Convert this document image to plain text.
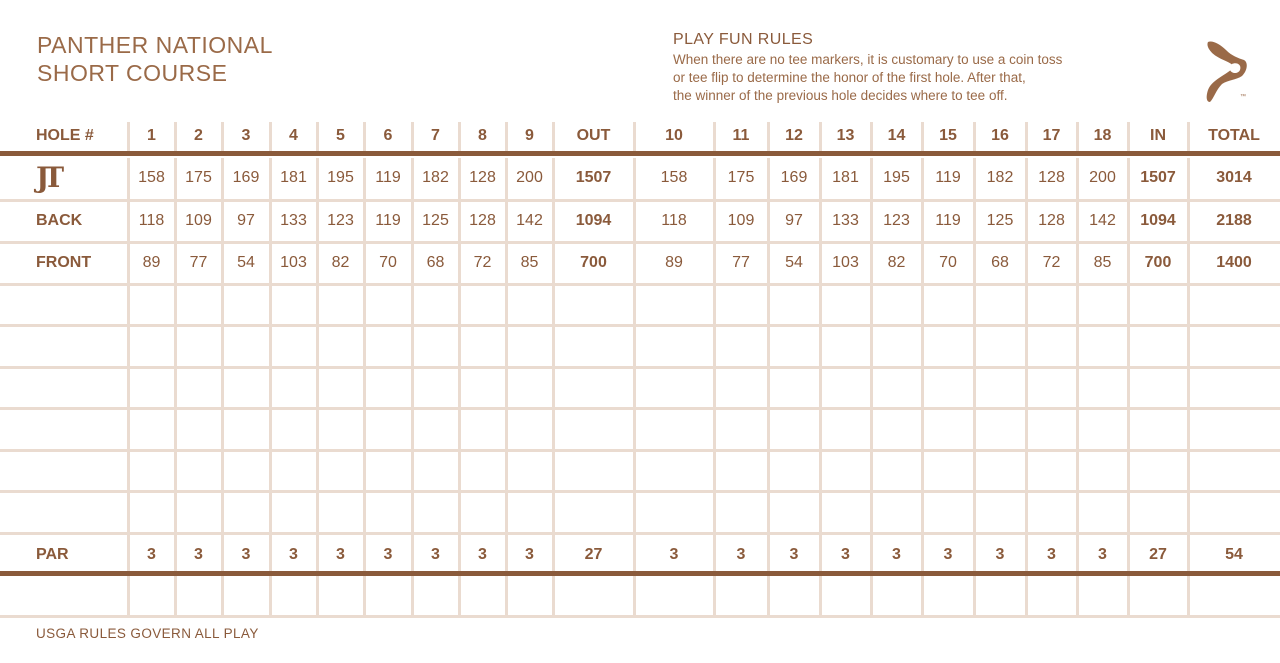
PANTHER NATIONAL
SHORT COURSE
PLAY FUN RULES
When there are no tee markers, it is customary to use a coin toss
or tee flip to determine the honor of the first hole. After that,
the winner of the previous hole decides where to tee off.	™
HOLE #	1	2	3	4	5	6	7	8	9	OUT	10	11	12	13	14	15	16	17	18	IN	TOTAL
JT	158	175	169	181	195	119	182	128	200	1507	158	175	169	181	195	119	182	128	200	1507	3014
BACK	118	109	97	133	123	119	125	128	142	1094	118	109	97	133	123	119	125	128	142	1094	2188
FRONT	89	77	54	103	82	70	68	72	85	700	89	77	54	103	82	70	68	72	85	700	1400
PAR	3	3	3	3	3	3	3	3	3	27	3	3	3	3	3	3	3	3	3	27	54
USGA RULES GOVERN ALL PLAY
